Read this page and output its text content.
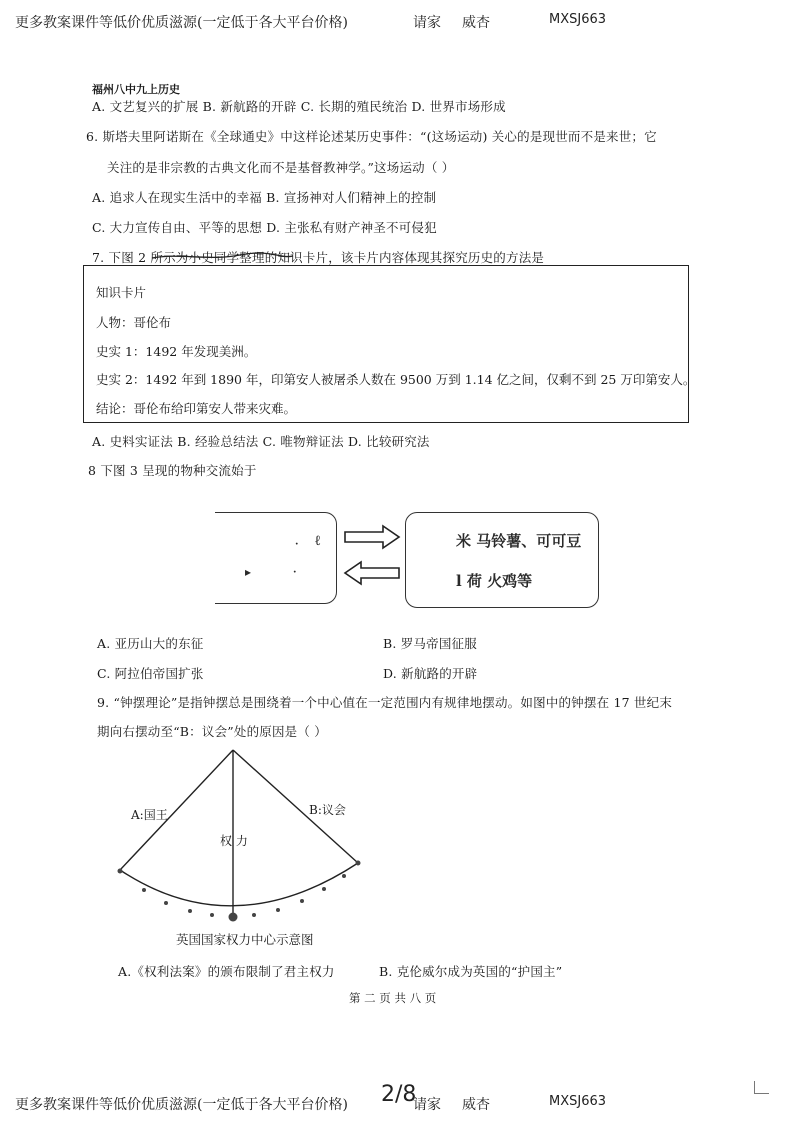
更多教案课件等低价优质滋源(一定低于各大平台价格)	请家 威杏	MXSJ663
福州八中九上历史
A. 文艺复兴的扩展 B. 新航路的开辟 C. 长期的殖民统治 D. 世界市场形成
6. 斯塔夫里阿诺斯在《全球通史》中这样论述某历史事件：“(这场运动) 关心的是现世而不是来世；它
关注的是非宗教的古典文化而不是基督教神学。”这场运动（ ）
A. 追求人在现实生活中的幸福 B. 宣扬神对人们精神上的控制
C. 大力宣传自由、平等的思想 D. 主张私有财产神圣不可侵犯
7. 下图 2 所示为小史同学整理的知识卡片，该卡片内容体现其探究历史的方法是
知识卡片
人物：哥伦布
史实 1：1492 年发现美洲。
史实 2：1492 年到 1890 年，印第安人被屠杀人数在 9500 万到 1.14 亿之间，仅剩不到 25 万印第安人。
结论：哥伦布给印第安人带来灾难。
A. 史料实证法 B. 经验总结法 C. 唯物辩证法 D. 比较研究法
8 下图 3 呈现的物种交流始于
ℓ
·
▸	·
米 马铃薯、可可豆
l 荷 火鸡等
A. 亚历山大的东征	B. 罗马帝国征服
C. 阿拉伯帝国扩张	D. 新航路的开辟
9. “钟摆理论”是指钟摆总是围绕着一个中心值在一定范围内有规律地摆动。如图中的钟摆在 17 世纪末
期向右摆动至“B：议会”处的原因是（ ）
A:国王	B:议会
权 力
英国国家权力中心示意图
A.《权利法案》的颁布限制了君主权力	B. 克伦威尔成为英国的“护国主”
第 二 页 共 八 页
更多教案课件等低价优质滋源(一定低于各大平台价格)	请家 威杏	MXSJ663
2/8
